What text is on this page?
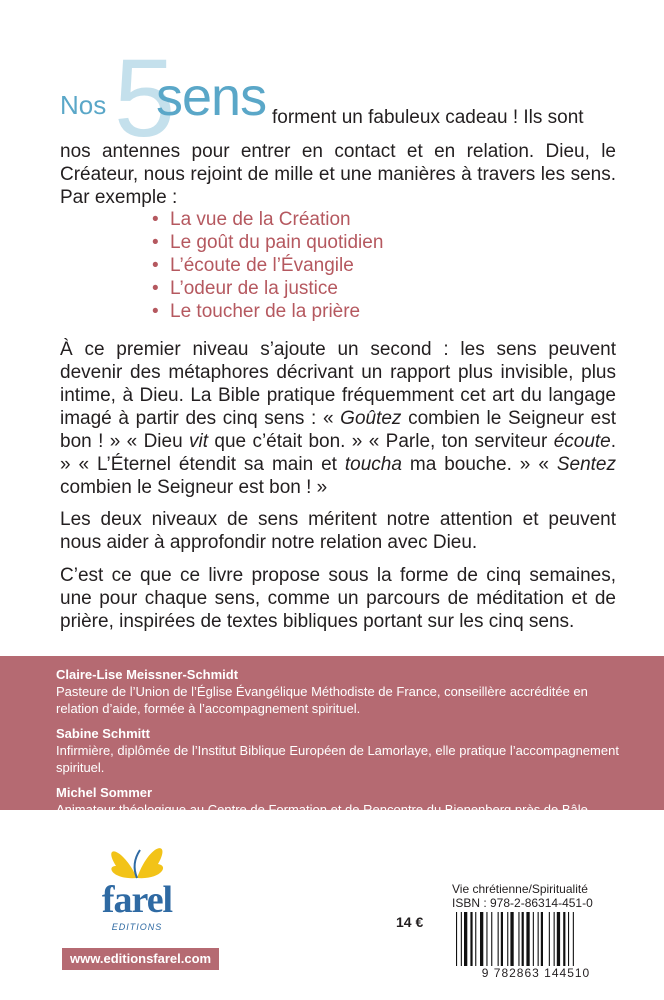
5
Nos sens forment un fabuleux cadeau ! Ils sont
nos antennes pour entrer en contact et en relation. Dieu, le Créateur, nous rejoint de mille et une manières à travers les sens. Par exemple :
• La vue de la Création
• Le goût du pain quotidien
• L’écoute de l’Évangile
• L’odeur de la justice
• Le toucher de la prière

À ce premier niveau s’ajoute un second : les sens peuvent devenir des métaphores décrivant un rapport plus invisible, plus intime, à Dieu. La Bible pratique fréquemment cet art du langage imagé à partir des cinq sens : « Goûtez combien le Seigneur est bon ! » « Dieu vit que c’était bon. » « Parle, ton serviteur écoute. » « L’Éternel étendit sa main et toucha ma bouche. » « Sentez combien le Seigneur est bon ! »

Les deux niveaux de sens méritent notre attention et peuvent nous aider à approfondir notre relation avec Dieu.

C’est ce que ce livre propose sous la forme de cinq semaines, une pour chaque sens, comme un parcours de méditation et de prière, inspirées de textes bibliques portant sur les cinq sens.

Claire-Lise Meissner-Schmidt
Pasteure de l’Union de l’Église Évangélique Méthodiste de France, conseillère accréditée en relation d’aide, formée à l’accompagnement spirituel.
Sabine Schmitt
Infirmière, diplômée de l’Institut Biblique Européen de Lamorlaye, elle pratique l’accompagnement spirituel.
Michel Sommer
Animateur théologique au Centre de Formation et de Rencontre du Bienenberg près de Bâle, rédacteur du mensuel des Églises mennonites de France (Christ Seul).
farel
EDITIONS
www.editionsfarel.com
14 €
Vie chrétienne/Spiritualité
ISBN : 978-2-86314-451-0
9 782863 144510
